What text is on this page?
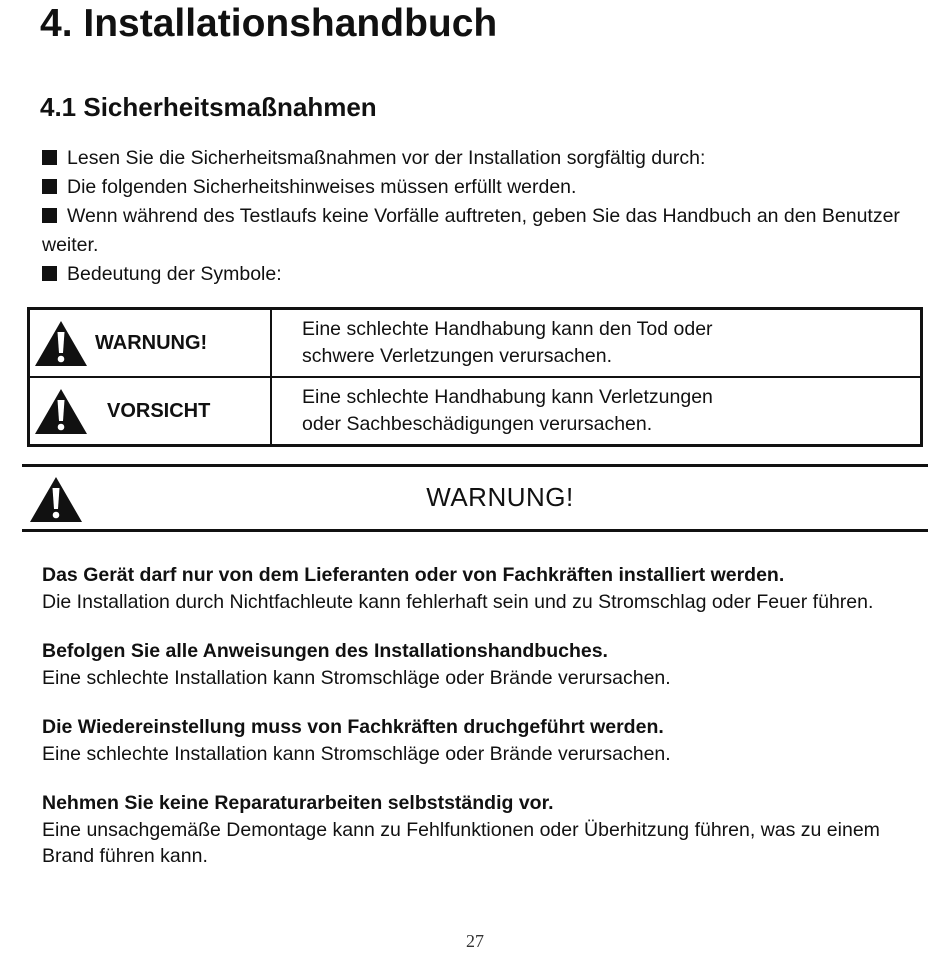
4. Installationshandbuch
4.1 Sicherheitsmaßnahmen
Lesen Sie die Sicherheitsmaßnahmen vor der Installation sorgfältig durch:
Die folgenden Sicherheitshinweises müssen erfüllt werden.
Wenn während des Testlaufs keine Vorfälle auftreten, geben Sie das Handbuch an den Benutzer weiter.
Bedeutung der Symbole:
WARNUNG!	Eine schlechte Handhabung kann den Tod oder
schwere Verletzungen verursachen.

VORSICHT	Eine schlechte Handhabung kann Verletzungen
oder Sachbeschädigungen verursachen.
WARNUNG!
Das Gerät darf nur von dem Lieferanten oder von Fachkräften installiert werden.
Die Installation durch Nichtfachleute kann fehlerhaft sein und zu Stromschlag oder Feuer führen.
Befolgen Sie alle Anweisungen des Installationshandbuches.
Eine schlechte Installation kann Stromschläge oder Brände verursachen.
Die Wiedereinstellung muss von Fachkräften druchgeführt werden.
Eine schlechte Installation kann Stromschläge oder Brände verursachen.
Nehmen Sie keine Reparaturarbeiten selbstständig vor.
Eine unsachgemäße Demontage kann zu Fehlfunktionen oder Überhitzung führen, was zu einem Brand führen kann.
27
